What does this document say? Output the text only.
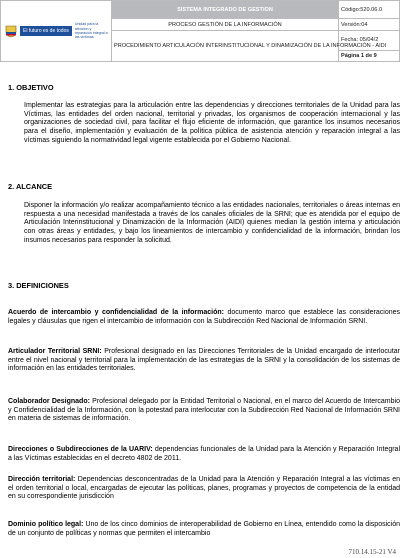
El futuro es de todos
Unidad para la atención y reparación integral a las víctimas	SISTEMA INTEGRADO DE GESTION	Código:520.06.0
	PROCESO GESTIÓN DE LA INFORMACIÓN	Versión:04
	PROCEDIMIENTO ARTICULACIÓN INTERINSTITUCIONAL Y DINAMIZACIÓN DE LA INFORMACIÓN - AIDI	Fecha: 05/04/2
		Página 1 de 9

1. OBJETIVO

Implementar las estrategias para la articulación entre las dependencias y direcciones territoriales de la Unidad para las Víctimas, las entidades del orden nacional, territorial y privadas, los organismos de cooperación internacional y las organizaciones de sociedad civil, para facilitar el flujo eficiente de información, que garantice los insumos necesarios para el diseño, implementación y evaluación de la política pública de asistencia atención y reparación integral a las víctimas siguiendo la normatividad legal vigente establecida por el Gobierno Nacional.

2. ALCANCE

Disponer la información y/o realizar acompañamiento técnico a las entidades nacionales, territoriales o áreas internas en respuesta a una necesidad manifestada a través de los canales oficiales de la SRNI; que es atendida por el equipo de Articulación Interinstitucional y Dinamización de la Información (AIDI) quienes median la gestión interna y articulación con otras áreas y entidades, y bajo los lineamientos de intercambio y confidencialidad de la información, brindan los insumos necesarios para responder la solicitud.

3. DEFINICIONES

Acuerdo de intercambio y confidencialidad de la información: documento marco que establece las consideraciones legales y cláusulas que rigen el intercambio de información con la Subdirección Red Nacional de Información SRNI.

Articulador Territorial SRNI: Profesional designado en las Direcciones Territoriales de la Unidad encargado de interlocutar entre el nivel nacional y territorial para la implementación de las estrategias de la SRNI y la consolidación de los sistemas de información en las entidades territoriales.

Colaborador Designado: Profesional delegado por la Entidad Territorial o Nacional, en el marco del Acuerdo de Intercambio y Confidencialidad de la Información, con la potestad para interlocutar con la Subdirección Red Nacional de Información SRNI en materia de sistemas de información.

Direcciones o Subdirecciones de la UARIV: dependencias funcionales de la Unidad para la Atención y Reparación Integral a las Víctimas establecidas en el decreto 4802 de 2011.

Dirección territorial: Dependencias desconcentradas de la Unidad para la Atención y Reparación Integral a las víctimas en el orden territorial o local, encargadas de ejecutar las políticas, planes, programas y proyectos de competencia de la entidad en su correspondiente jurisdicción

Dominio político legal: Uno de los cinco dominios de interoperabilidad de Gobierno en Línea, entendido como la disposición de un conjunto de políticas y normas que permiten el intercambio

710.14.15-21 V4
